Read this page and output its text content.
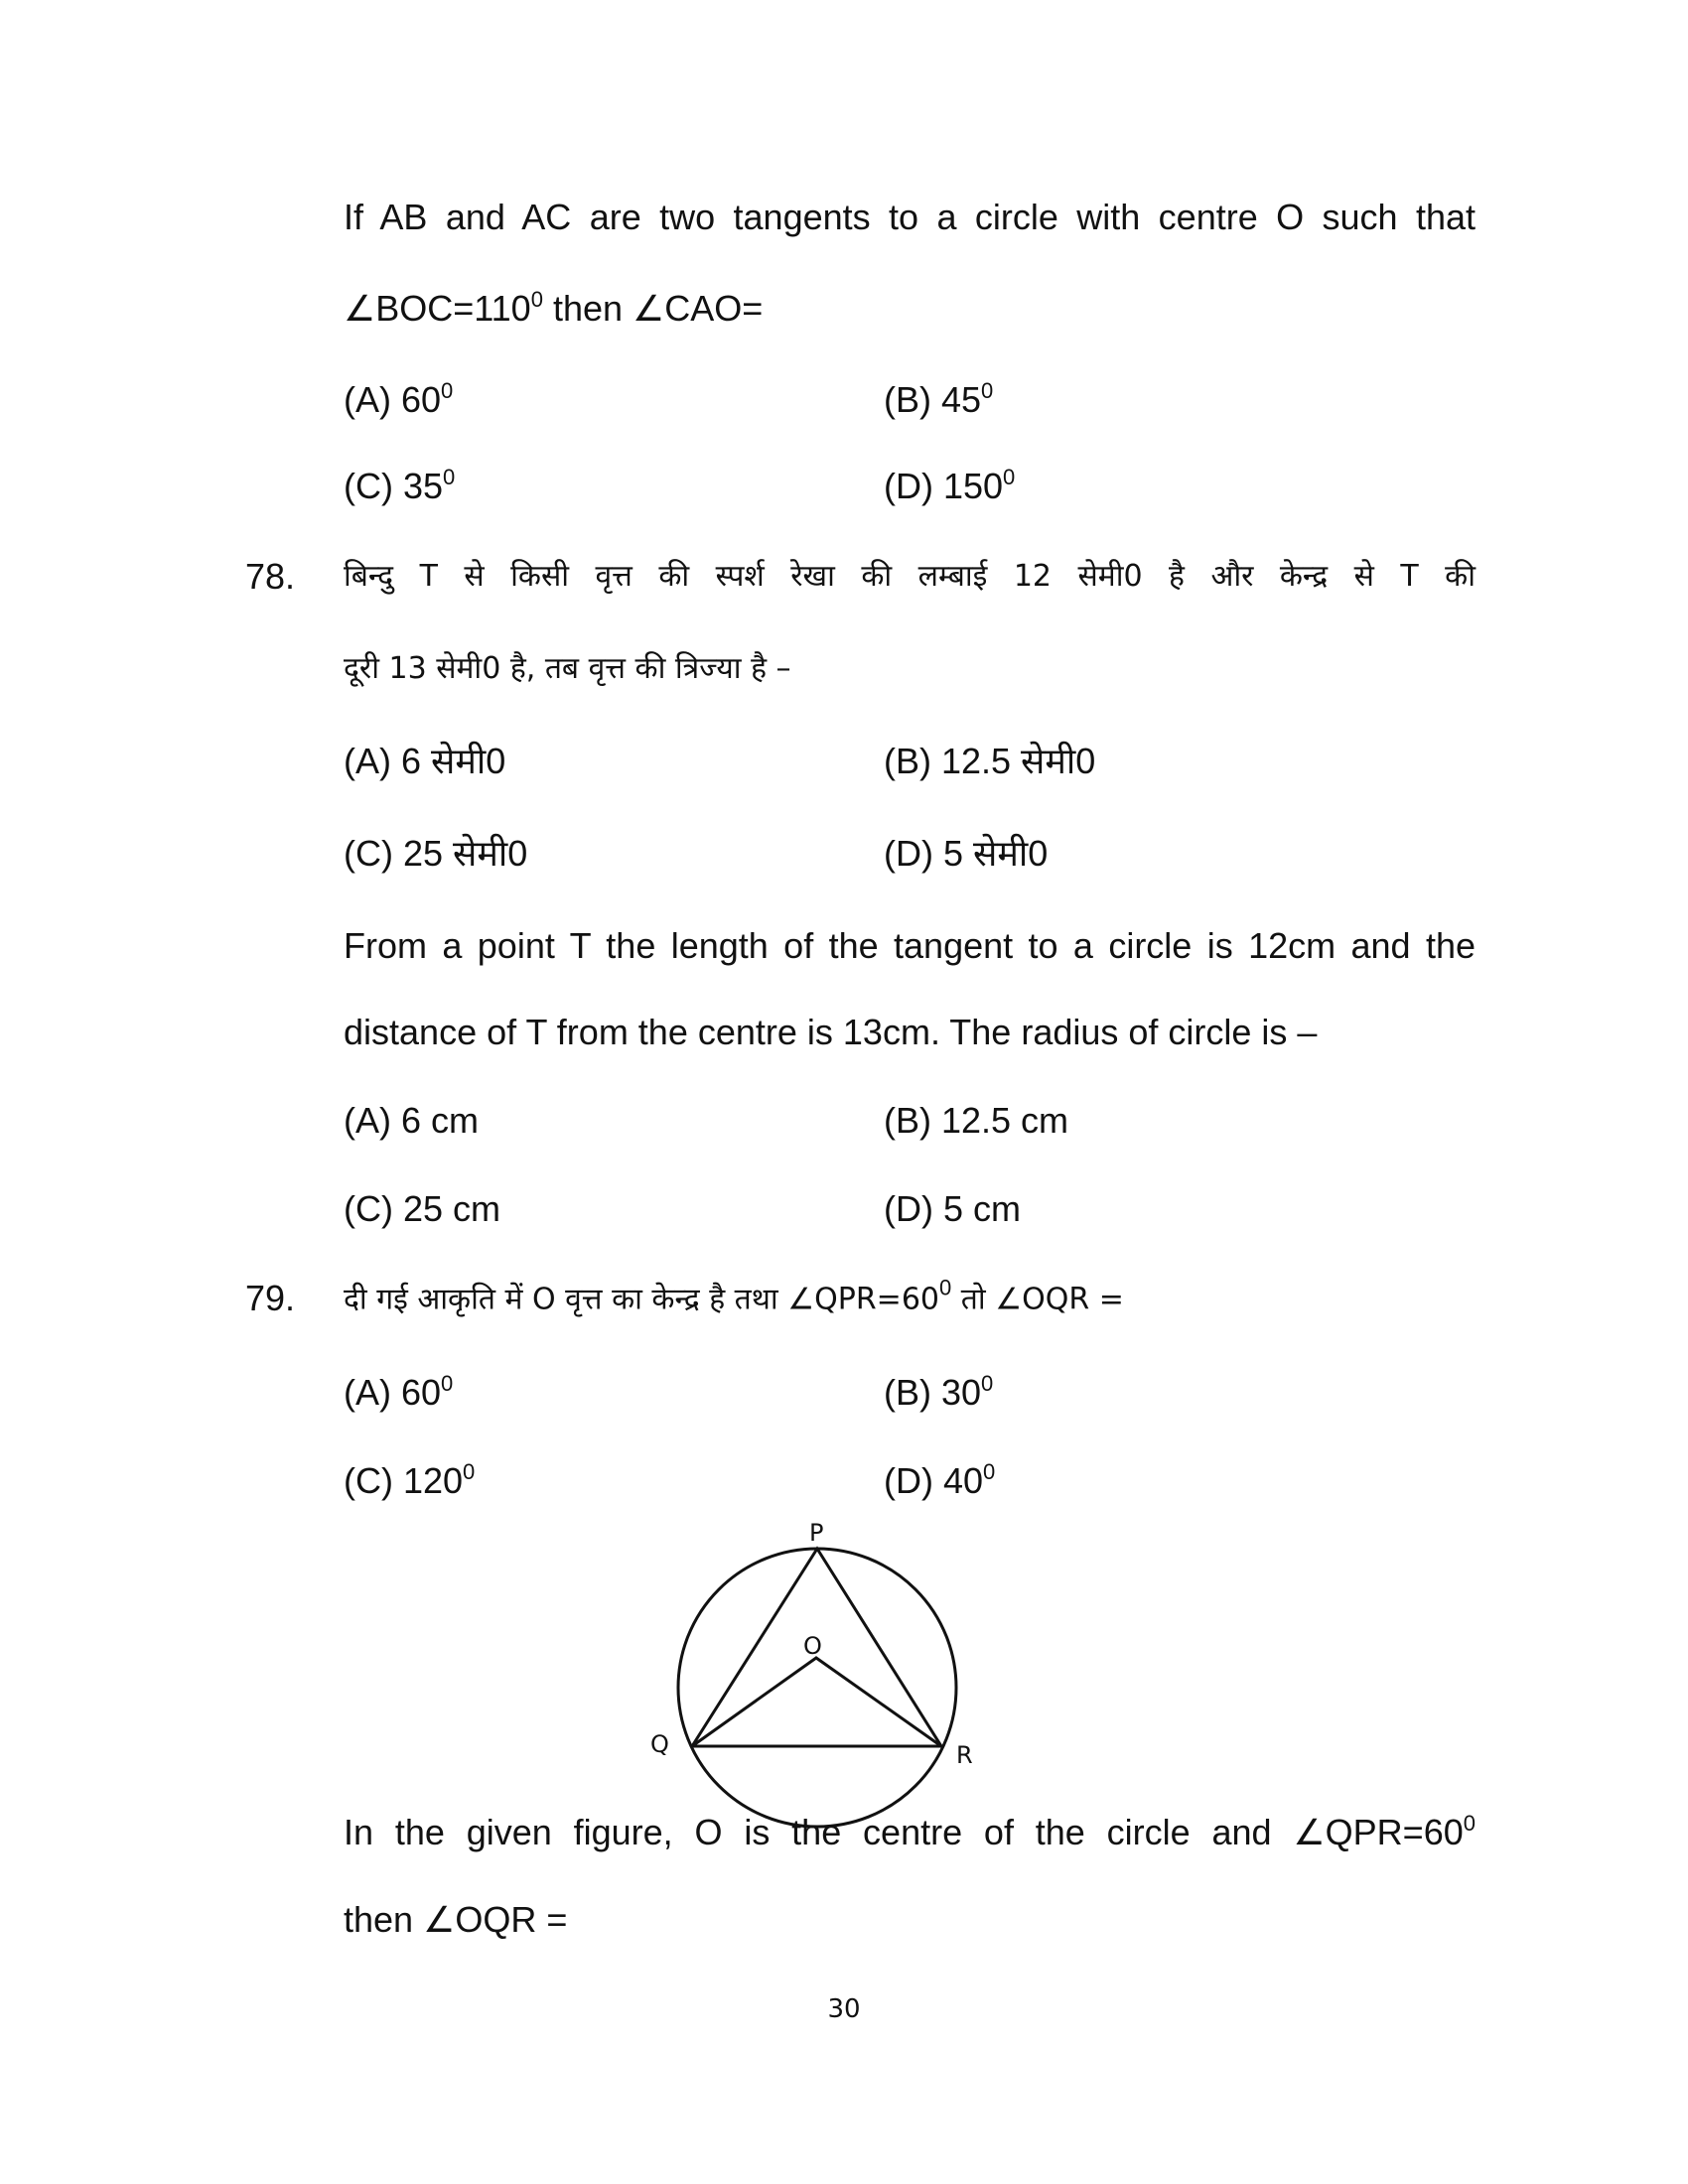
If AB and AC are two tangents to a circle with centre O such that
$\angle BOC=110^0$ then ∠CAO=
(A) $60^0$	(B) $45^0$
(C) $35^0$	(D) $150^0$
78. बिन्दु T से किसी वृत्त की स्पर्श रेखा की लम्बाई 12 सेमी0 है और केन्द्र से T की
दूरी 13 सेमी0 है, तब वृत्त की त्रिज्या है –
(A) 6 सेमी0	(B) 12.5 सेमी0
(C) 25 सेमी0	(D) 5 सेमी0
From a point T the length of the tangent to a circle is 12cm and the
distance of T from the centre is 13cm. The radius of circle is –
(A) 6 cm	(B) 12.5 cm
(C) 25 cm	(D) 5 cm
79. दी गई आकृति में O वृत्त का केन्द्र है तथा $\angle QPR=60^0$ तो ∠OQR =
(A) $60^0$	(B) $30^0$
(C) $120^0$	(D) $40^0$
P
O
Q	R
In the given figure, O is the centre of the circle and $\angle QPR=60^0$
then ∠OQR =
30
